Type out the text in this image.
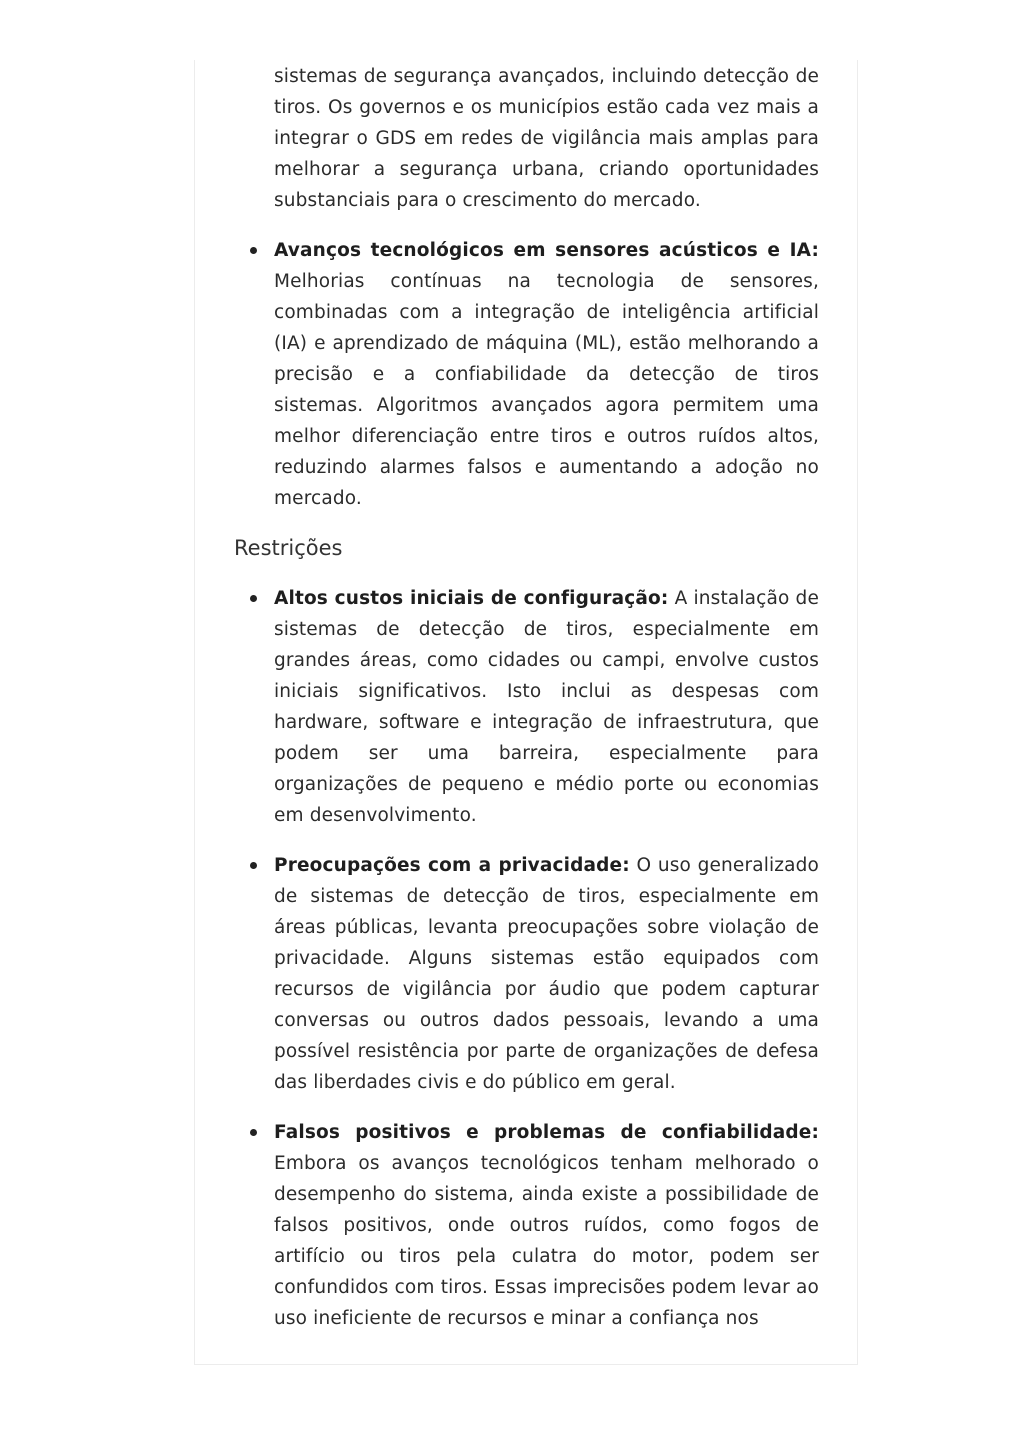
sistemas de segurança avançados, incluindo detecção de tiros. Os governos e os municípios estão cada vez mais a integrar o GDS em redes de vigilância mais amplas para melhorar a segurança urbana, criando oportunidades substanciais para o crescimento do mercado.

Avanços tecnológicos em sensores acústicos e IA: Melhorias contínuas na tecnologia de sensores, combinadas com a integração de inteligência artificial (IA) e aprendizado de máquina (ML), estão melhorando a precisão e a confiabilidade da detecção de tiros sistemas. Algoritmos avançados agora permitem uma melhor diferenciação entre tiros e outros ruídos altos, reduzindo alarmes falsos e aumentando a adoção no mercado.
Restrições
Altos custos iniciais de configuração: A instalação de sistemas de detecção de tiros, especialmente em grandes áreas, como cidades ou campi, envolve custos iniciais significativos. Isto inclui as despesas com hardware, software e integração de infraestrutura, que podem ser uma barreira, especialmente para organizações de pequeno e médio porte ou economias em desenvolvimento.
Preocupações com a privacidade: O uso generalizado de sistemas de detecção de tiros, especialmente em áreas públicas, levanta preocupações sobre violação de privacidade. Alguns sistemas estão equipados com recursos de vigilância por áudio que podem capturar conversas ou outros dados pessoais, levando a uma possível resistência por parte de organizações de defesa das liberdades civis e do público em geral.
Falsos positivos e problemas de confiabilidade: Embora os avanços tecnológicos tenham melhorado o desempenho do sistema, ainda existe a possibilidade de falsos positivos, onde outros ruídos, como fogos de artifício ou tiros pela culatra do motor, podem ser confundidos com tiros. Essas imprecisões podem levar ao uso ineficiente de recursos e minar a confiança nos
